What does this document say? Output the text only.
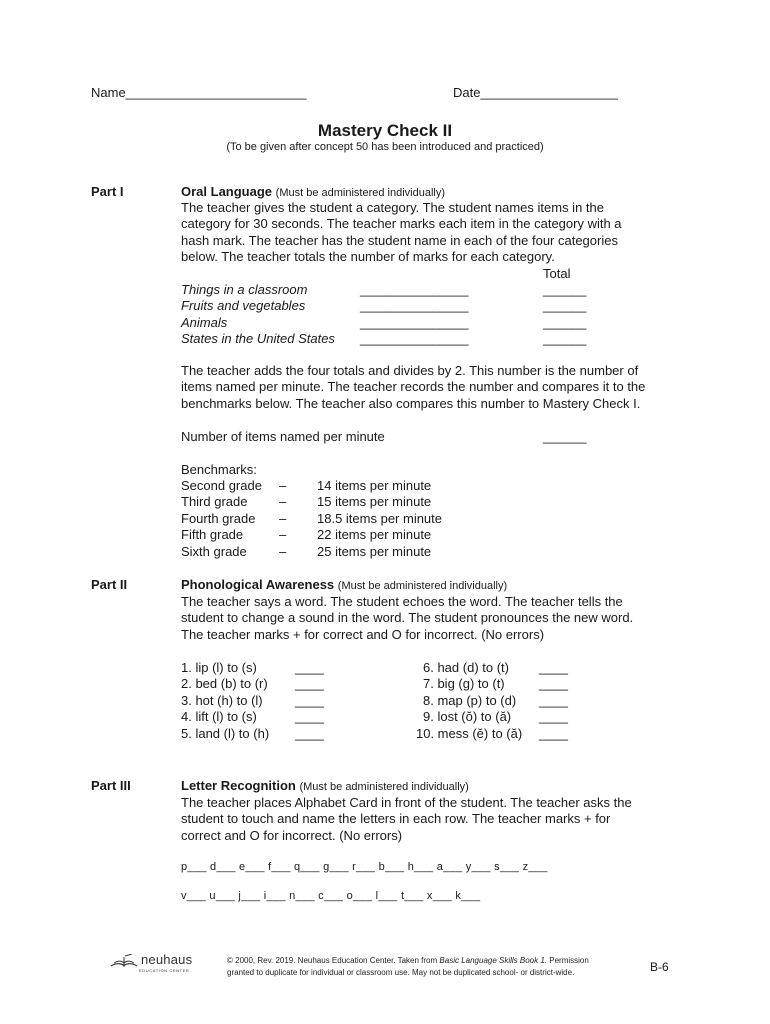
Name_________________________	Date___________________
Mastery Check II
(To be given after concept 50 has been introduced and practiced)
Part I	Oral Language (Must be administered individually)
The teacher gives the student a category. The student names items in the
category for 30 seconds. The teacher marks each item in the category with a
hash mark. The teacher has the student name in each of the four categories
below. The teacher totals the number of marks for each category.
Total
Things in a classroom	_______________	______
Fruits and vegetables	_______________	______
Animals	_______________	______
States in the United States _______________	______
The teacher adds the four totals and divides by 2. This number is the number of
items named per minute. The teacher records the number and compares it to the
benchmarks below. The teacher also compares this number to Mastery Check I.
Number of items named per minute	______
Benchmarks:
Second grade – 14 items per minute
Third grade – 15 items per minute
Fourth grade – 18.5 items per minute
Fifth grade	– 22 items per minute
Sixth grade – 25 items per minute
Part II	Phonological Awareness (Must be administered individually)
The teacher says a word. The student echoes the word. The teacher tells the
student to change a sound in the word. The student pronounces the new word.
The teacher marks + for correct and O for incorrect. (No errors)
1. lip (l) to (s)	____
2. bed (b) to (r) ____
3. hot (h) to (l) ____
4. lift (l) to (s)	____
5. land (l) to (h) ____
6. had (d) to (t) ____
7. big (g) to (t)	____
8. map (p) to (d) ____
9. lost (ŏ) to (ă) ____
10. mess (ĕ) to (ă) ____
Part III	Letter Recognition (Must be administered individually)
The teacher places Alphabet Card in front of the student. The teacher asks the
student to touch and name the letters in each row. The teacher marks + for
correct and O for incorrect. (No errors)
p___ d___ e___ f___ q___ g___ r___ b___ h___ a___ y___ s___ z___
v___ u___ j___ i___ n___ c___ o___ l___ t___ x___ k___
neuhaus
EDUCATION CENTER
© 2000, Rev. 2019. Neuhaus Education Center. Taken from Basic Language Skills Book 1. Permission
granted to duplicate for individual or classroom use. May not be duplicated school- or district-wide.	B-6
